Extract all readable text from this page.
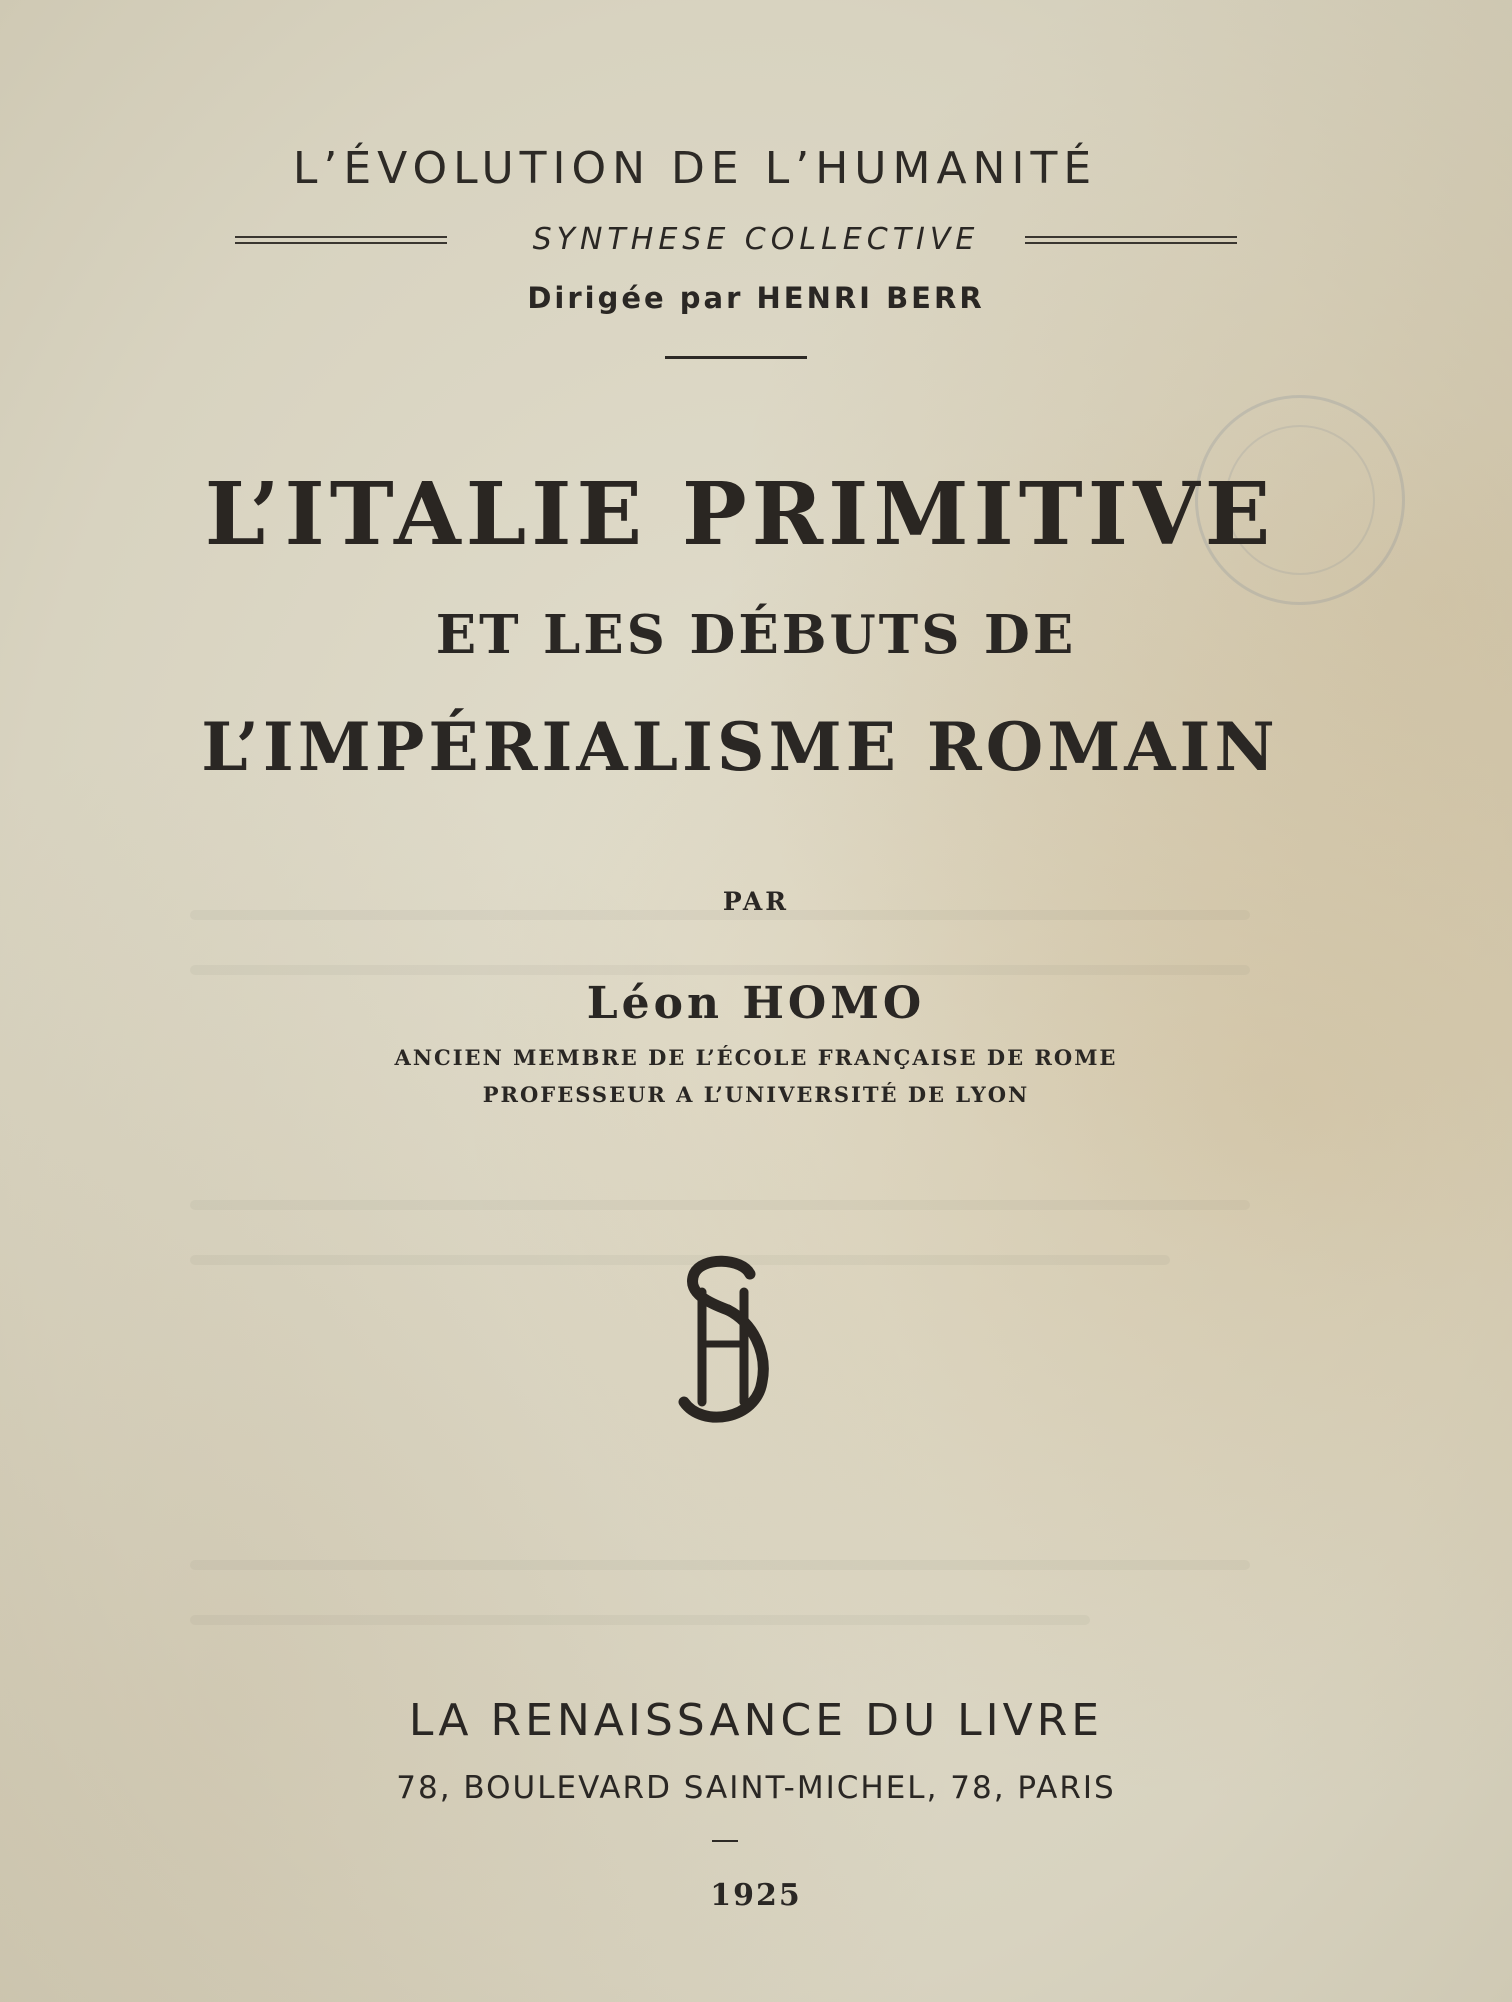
L’ÉVOLUTION DE L’HUMANITÉ
SYNTHESE COLLECTIVE
Dirigée par HENRI BERR
L’ITALIE PRIMITIVE
ET LES DÉBUTS DE
L’IMPÉRIALISME ROMAIN
PAR
Léon HOMO
ANCIEN MEMBRE DE L’ÉCOLE FRANÇAISE DE ROME
PROFESSEUR A L’UNIVERSITÉ DE LYON
LA RENAISSANCE DU LIVRE
78, BOULEVARD SAINT-MICHEL, 78, PARIS
1925
